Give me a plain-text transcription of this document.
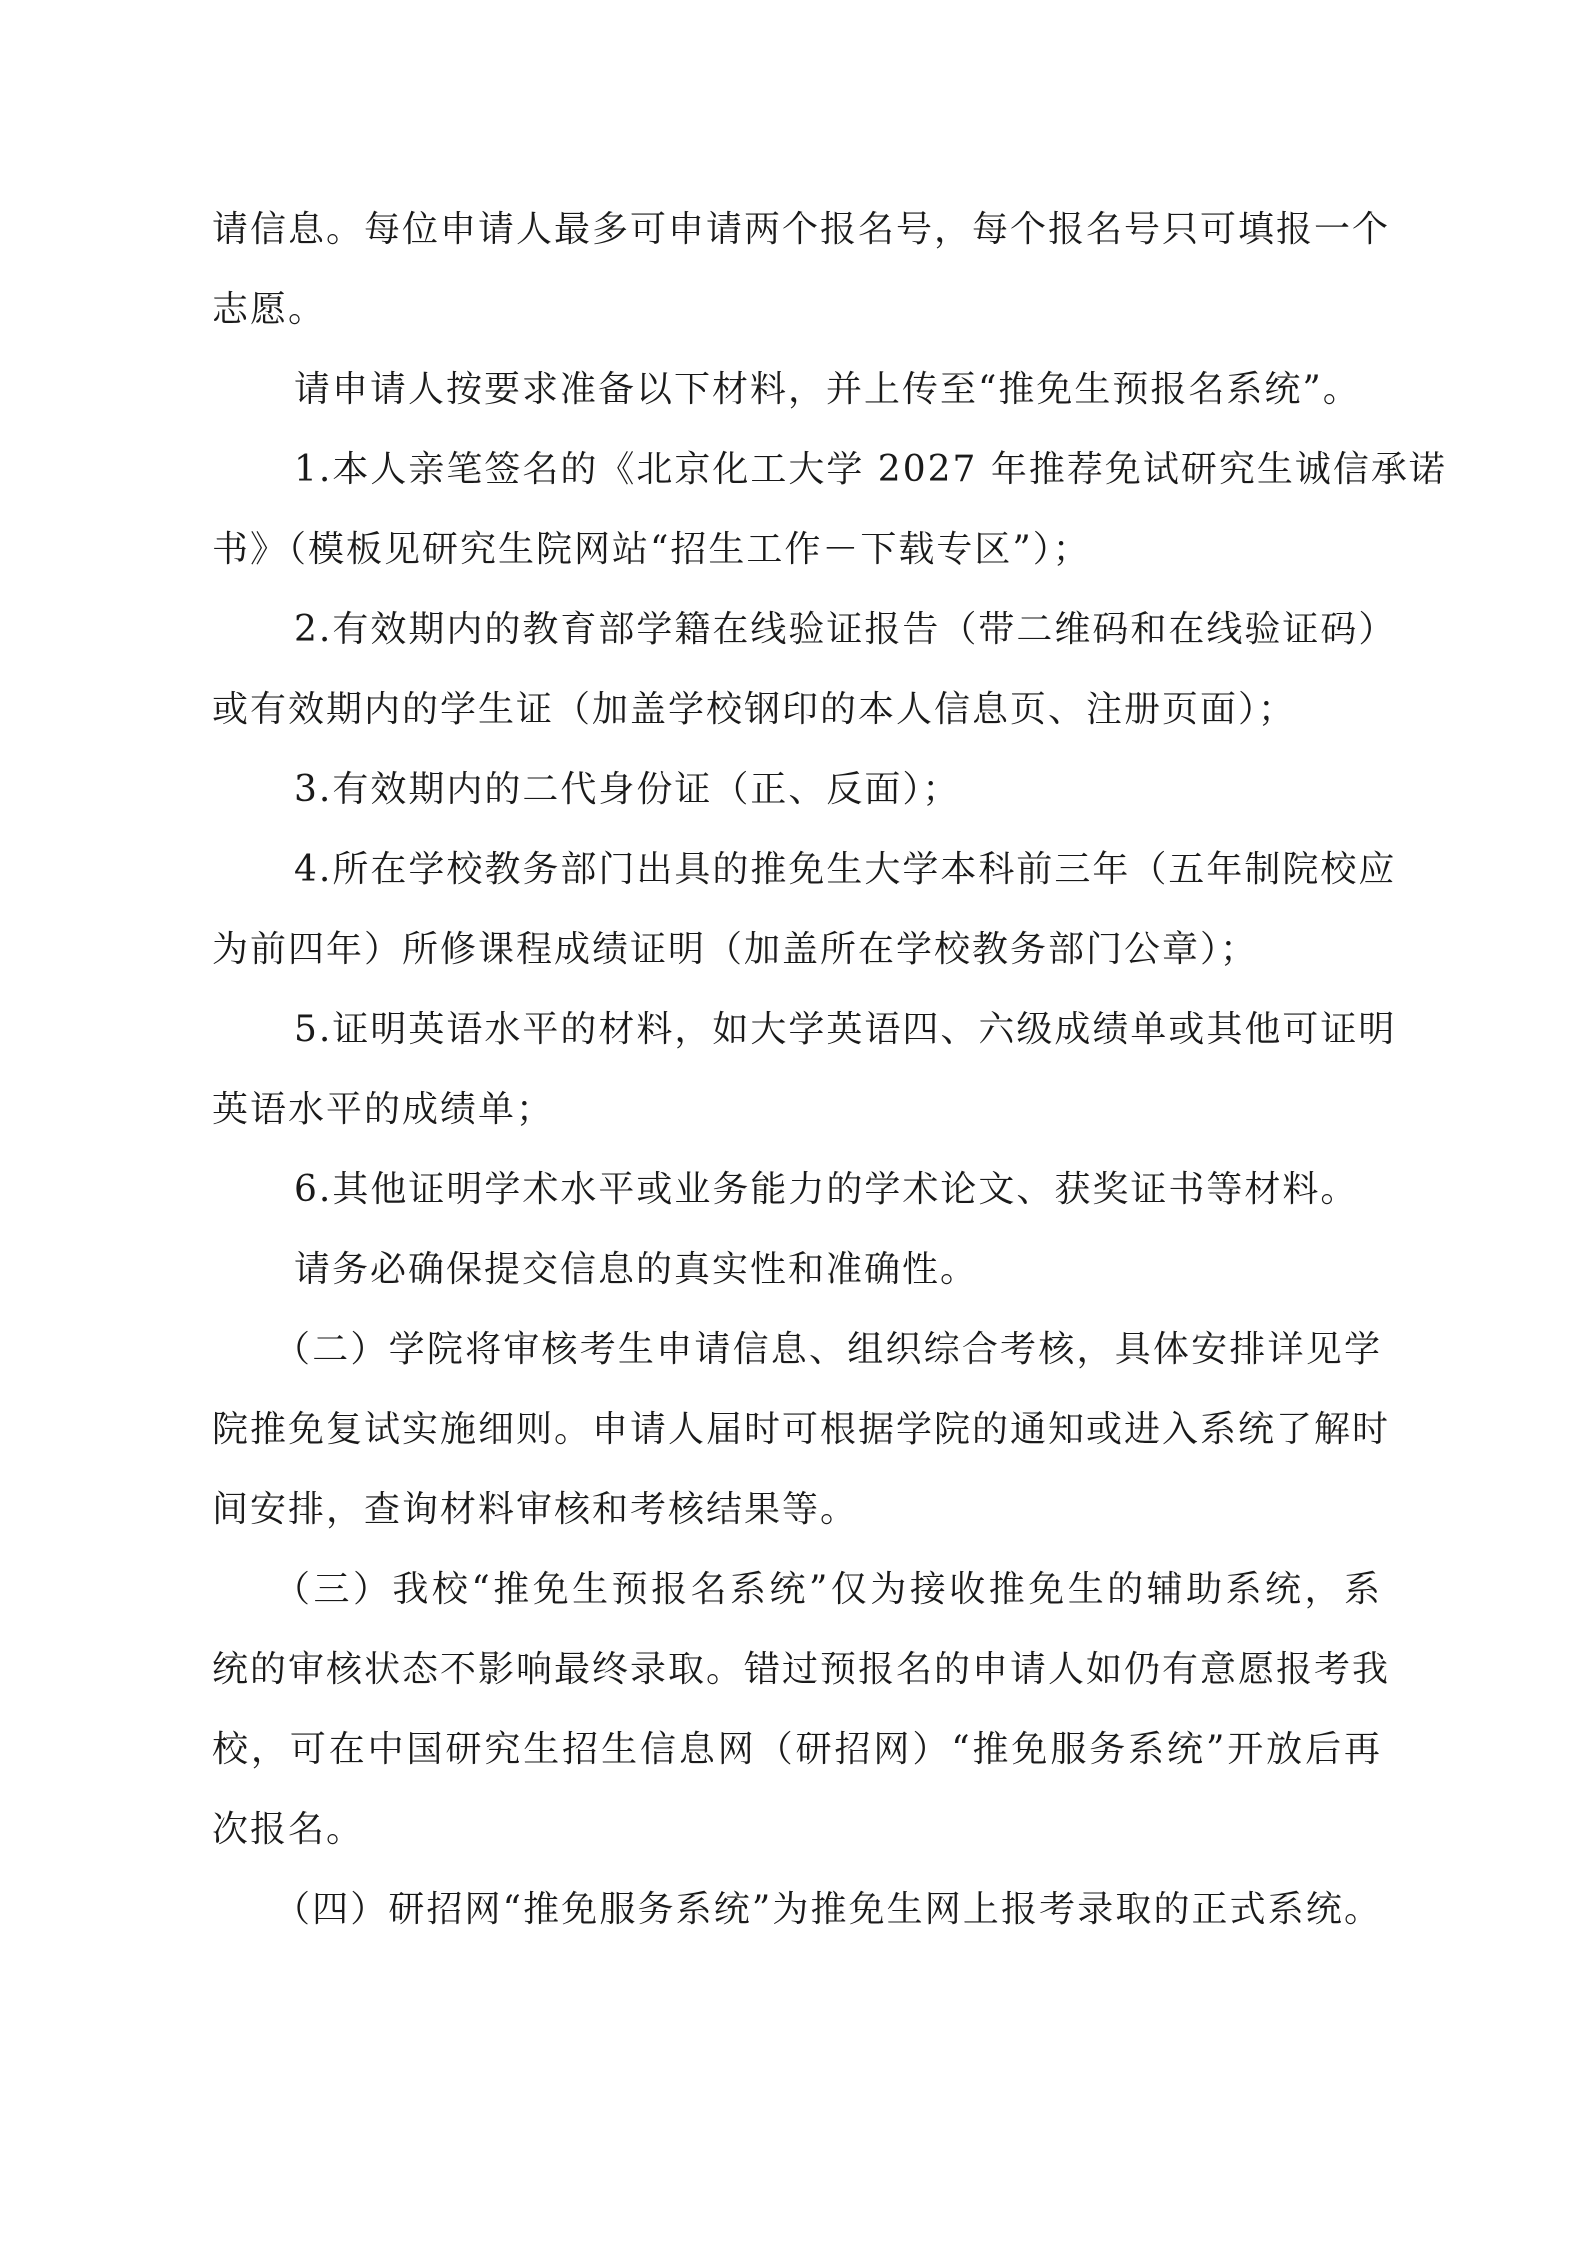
请信息。每位申请人最多可申请两个报名号，每个报名号只可填报一个
志愿。
请申请人按要求准备以下材料，并上传至“推免生预报名系统”。
1.本人亲笔签名的《北京化工大学 2027 年推荐免试研究生诚信承诺
书》（模板见研究生院网站“招生工作－下载专区”）；
2.有效期内的教育部学籍在线验证报告（带二维码和在线验证码）
或有效期内的学生证（加盖学校钢印的本人信息页、注册页面）；
3.有效期内的二代身份证（正、反面）；
4.所在学校教务部门出具的推免生大学本科前三年（五年制院校应
为前四年）所修课程成绩证明（加盖所在学校教务部门公章）；
5.证明英语水平的材料，如大学英语四、六级成绩单或其他可证明
英语水平的成绩单；
6.其他证明学术水平或业务能力的学术论文、获奖证书等材料。
请务必确保提交信息的真实性和准确性。
（二）学院将审核考生申请信息、组织综合考核，具体安排详见学
院推免复试实施细则。申请人届时可根据学院的通知或进入系统了解时
间安排，查询材料审核和考核结果等。
（三）我校“推免生预报名系统”仅为接收推免生的辅助系统，系
统的审核状态不影响最终录取。错过预报名的申请人如仍有意愿报考我
校，可在中国研究生招生信息网（研招网）“推免服务系统”开放后再
次报名。
（四）研招网“推免服务系统”为推免生网上报考录取的正式系统。
